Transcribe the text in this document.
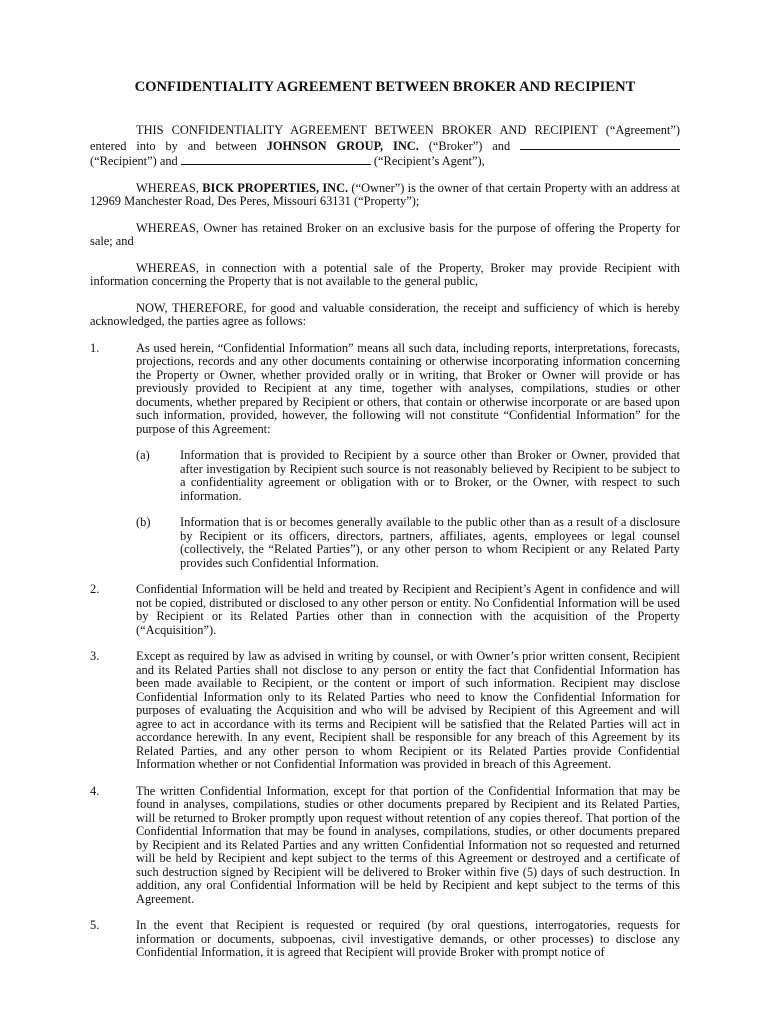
CONFIDENTIALITY AGREEMENT BETWEEN BROKER AND RECIPIENT

THIS CONFIDENTIALITY AGREEMENT BETWEEN BROKER AND RECIPIENT (“Agreement”) entered into by and between JOHNSON GROUP, INC. (“Broker”) and  (“Recipient”) and	(“Recipient’s Agent”),

WHEREAS, BICK PROPERTIES, INC. (“Owner”) is the owner of that certain Property with an address at 12969 Manchester Road, Des Peres, Missouri 63131 (“Property”);

WHEREAS, Owner has retained Broker on an exclusive basis for the purpose of offering the Property for sale; and

WHEREAS, in connection with a potential sale of the Property, Broker may provide Recipient with information concerning the Property that is not available to the general public,

NOW, THEREFORE, for good and valuable consideration, the receipt and sufficiency of which is hereby acknowledged, the parties agree as follows:

1.	As used herein, “Confidential Information” means all such data, including reports, interpretations, forecasts, projections, records and any other documents containing or otherwise incorporating information concerning the Property or Owner, whether provided orally or in writing, that Broker or Owner will provide or has previously provided to Recipient at any time, together with analyses, compilations, studies or other documents, whether prepared by Recipient or others, that contain or otherwise incorporate or are based upon such information, provided, however, the following will not constitute “Confidential Information” for the purpose of this Agreement:

(a)	Information that is provided to Recipient by a source other than Broker or Owner, provided that after investigation by Recipient such source is not reasonably believed by Recipient to be subject to a confidentiality agreement or obligation with or to Broker, or the Owner, with respect to such information.

(b)	Information that is or becomes generally available to the public other than as a result of a disclosure by Recipient or its officers, directors, partners, affiliates, agents, employees or legal counsel (collectively, the “Related Parties”), or any other person to whom Recipient or any Related Party provides such Confidential Information.

2.	Confidential Information will be held and treated by Recipient and Recipient’s Agent in confidence and will not be copied, distributed or disclosed to any other person or entity. No Confidential Information will be used by Recipient or its Related Parties other than in connection with the acquisition of the Property (“Acquisition”).

3.	Except as required by law as advised in writing by counsel, or with Owner’s prior written consent, Recipient and its Related Parties shall not disclose to any person or entity the fact that Confidential Information has been made available to Recipient, or the content or import of such information. Recipient may disclose Confidential Information only to its Related Parties who need to know the Confidential Information for purposes of evaluating the Acquisition and who will be advised by Recipient of this Agreement and will agree to act in accordance with its terms and Recipient will be satisfied that the Related Parties will act in accordance herewith. In any event, Recipient shall be responsible for any breach of this Agreement by its Related Parties, and any other person to whom Recipient or its Related Parties provide Confidential Information whether or not Confidential Information was provided in breach of this Agreement.

4.	The written Confidential Information, except for that portion of the Confidential Information that may be found in analyses, compilations, studies or other documents prepared by Recipient and its Related Parties, will be returned to Broker promptly upon request without retention of any copies thereof. That portion of the Confidential Information that may be found in analyses, compilations, studies, or other documents prepared by Recipient and its Related Parties and any written Confidential Information not so requested and returned will be held by Recipient and kept subject to the terms of this Agreement or destroyed and a certificate of such destruction signed by Recipient will be delivered to Broker within five (5) days of such destruction. In addition, any oral Confidential Information will be held by Recipient and kept subject to the terms of this Agreement.

5.	In the event that Recipient is requested or required (by oral questions, interrogatories, requests for information or documents, subpoenas, civil investigative demands, or other processes) to disclose any Confidential Information, it is agreed that Recipient will provide Broker with prompt notice of
